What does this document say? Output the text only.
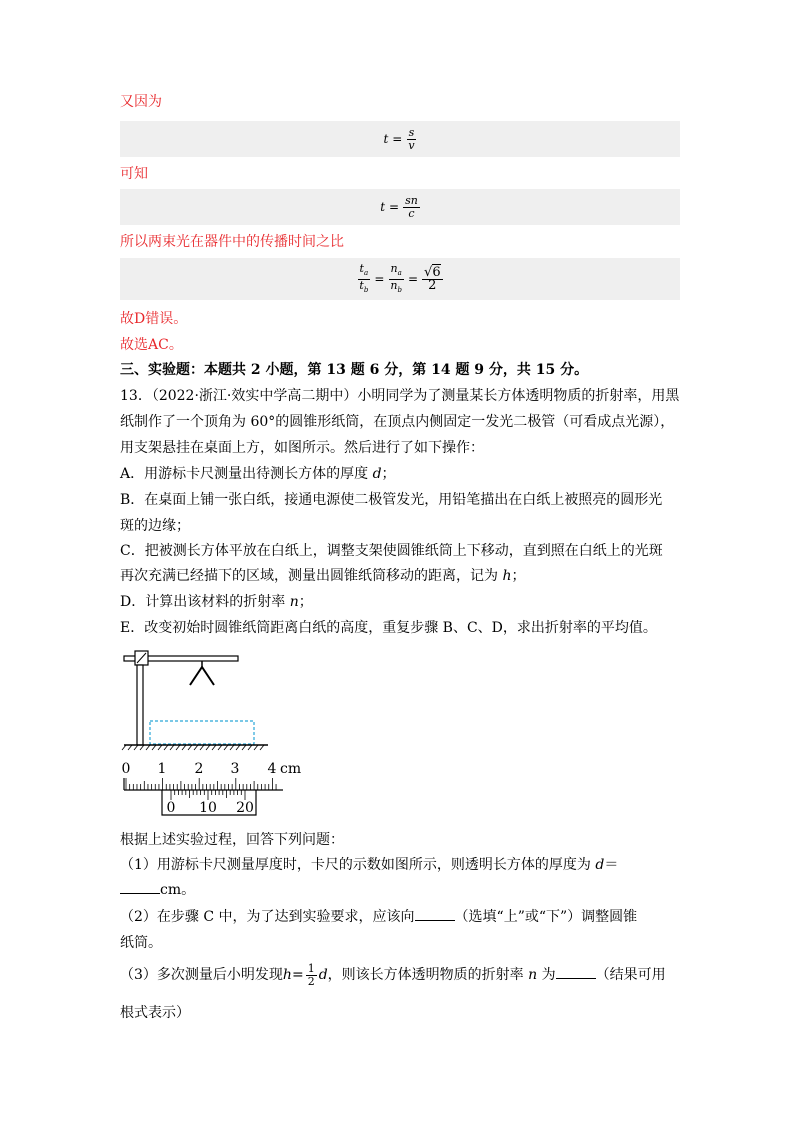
又因为
$t = \frac{s}{v}$
可知
$t = \frac{sn}{c}$
所以两束光在器件中的传播时间之比
$\frac{t_a}{t_b} = \frac{n_a}{n_b} = \frac{√6}{2}$
故D错误。
故选AC。
三、实验题：本题共 2 小题，第 13 题 6 分，第 14 题 9 分，共 15 分。
13．（2022·浙江·效实中学高二期中）小明同学为了测量某长方体透明物质的折射率，用黑
纸制作了一个顶角为 60°的圆锥形纸筒，在顶点内侧固定一发光二极管（可看成点光源），
用支架悬挂在桌面上方，如图所示。然后进行了如下操作：
A．用游标卡尺测量出待测长方体的厚度 d；
B．在桌面上铺一张白纸，接通电源使二极管发光，用铅笔描出在白纸上被照亮的圆形光
斑的边缘；
C．把被测长方体平放在白纸上，调整支架使圆锥纸筒上下移动，直到照在白纸上的光斑
再次充满已经描下的区域，测量出圆锥纸筒移动的距离，记为 h；
D．计算出该材料的折射率 n；
E．改变初始时圆锥纸筒距离白纸的高度，重复步骤 B、C、D，求出折射率的平均值。
0 1 2 3 4 cm
0 10 20
根据上述实验过程，回答下列问题：
（1）用游标卡尺测量厚度时，卡尺的示数如图所示，则透明长方体的厚度为 d＝
cm。
（2）在步骤 C 中，为了达到实验要求，应该向	（选填“上”或“下”）调整圆锥
纸筒。
（3）多次测量后小明发现$h= \frac{1}{2}$ d，则该长方体透明物质的折射率 n 为	（结果可用
根式表示）
